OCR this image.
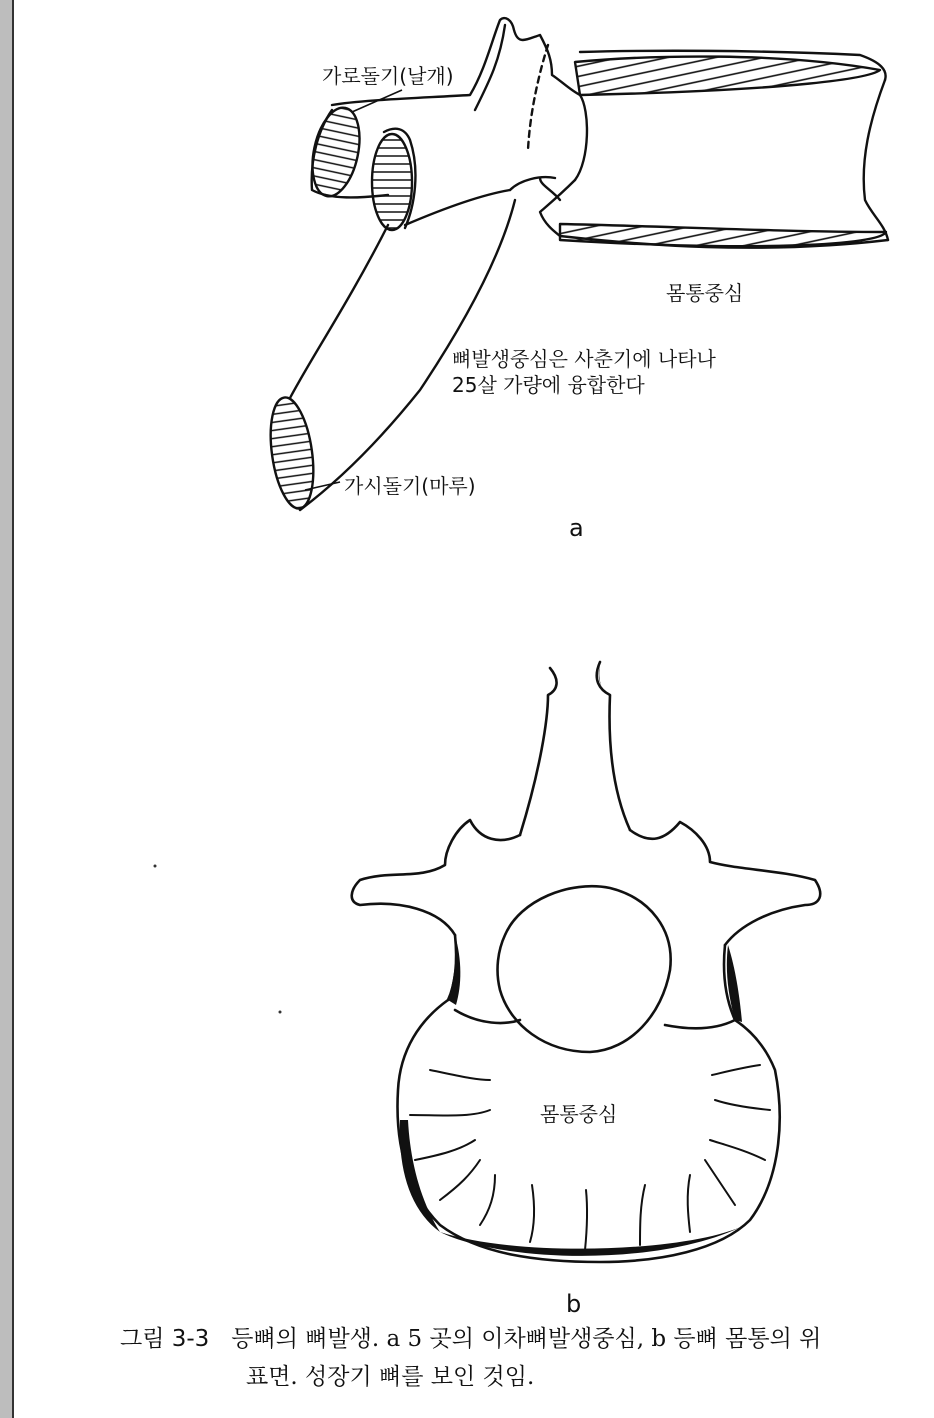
가로돌기(날개)
몸통중심
뼈발생중심은 사춘기에 나타나
25살 가량에 융합한다
가시돌기(마루)
a
몸통중심
b
그림 3-3 등뼈의 뼈발생. a 5 곳의 이차뼈발생중심, b 등뼈 몸통의 위
표면. 성장기 뼈를 보인 것임.
